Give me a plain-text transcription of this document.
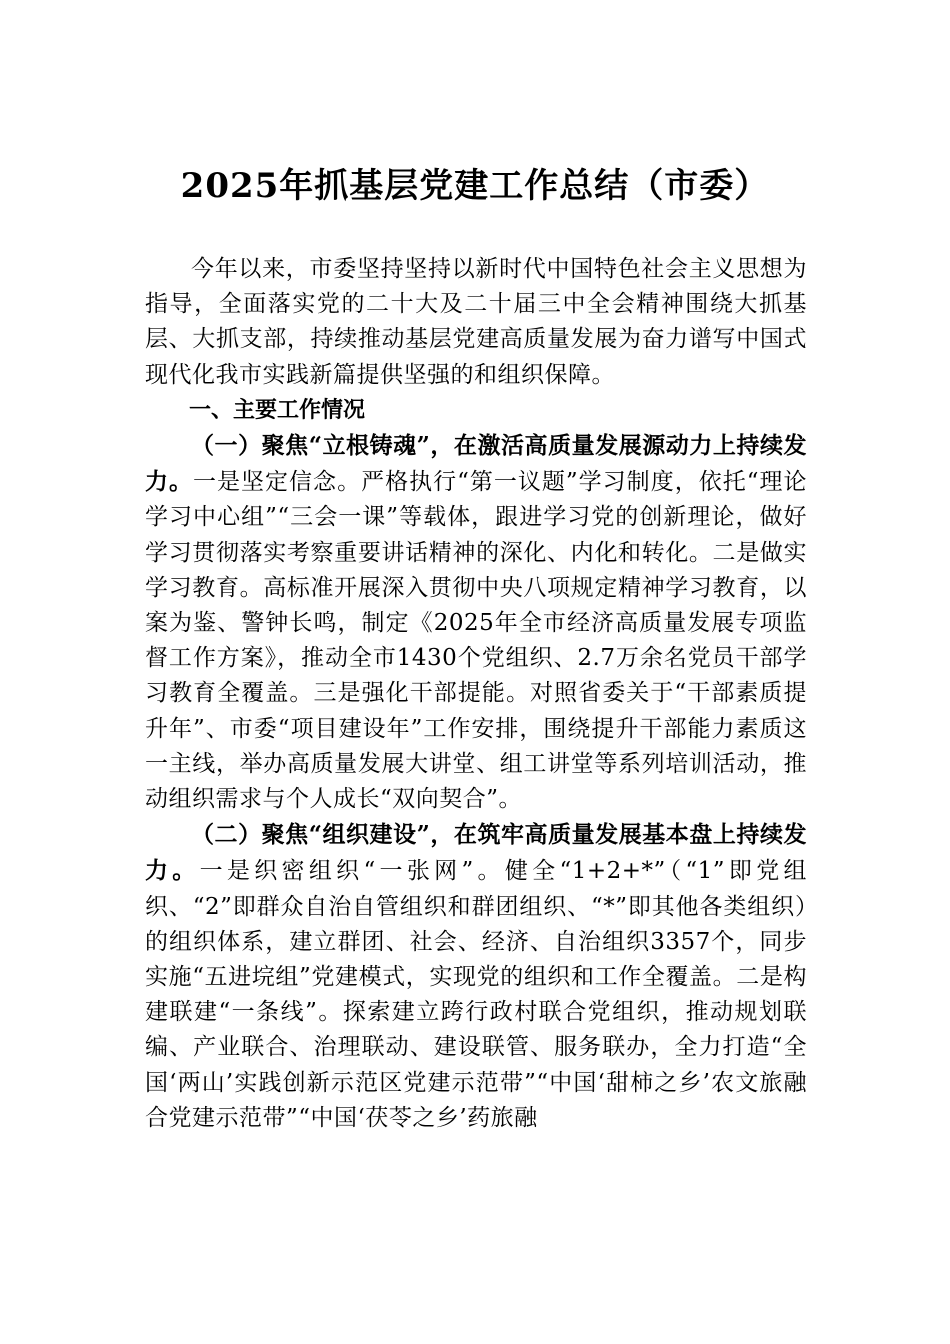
2025年抓基层党建工作总结（市委）

今年以来，市委坚持坚持以新时代中国特色社会主义思想为指导，全面落实党的二十大及二十届三中全会精神围绕大抓基层、大抓支部，持续推动基层党建高质量发展为奋力谱写中国式现代化我市实践新篇提供坚强的和组织保障。

一、主要工作情况

（一）聚焦“立根铸魂”，在激活高质量发展源动力上持续发力。一是坚定信念。严格执行“第一议题”学习制度，依托“理论学习中心组”“三会一课”等载体，跟进学习党的创新理论，做好学习贯彻落实考察重要讲话精神的深化、内化和转化。二是做实学习教育。高标准开展深入贯彻中央八项规定精神学习教育，以案为鉴、警钟长鸣，制定《2025年全市经济高质量发展专项监督工作方案》，推动全市1430个党组织、2.7万余名党员干部学习教育全覆盖。三是强化干部提能。对照省委关于“干部素质提升年”、市委“项目建设年”工作安排，围绕提升干部能力素质这一主线，举办高质量发展大讲堂、组工讲堂等系列培训活动，推动组织需求与个人成长“双向契合”。

（二）聚焦“组织建设”，在筑牢高质量发展基本盘上持续发力。一是织密组织“一张网”。健全“1+2+*”（“1”即党组织、“2”即群众自治自管组织和群团组织、“*”即其他各类组织）的组织体系，建立群团、社会、经济、自治组织3357个，同步实施“五进垸组”党建模式，实现党的组织和工作全覆盖。二是构建联建“一条线”。探索建立跨行政村联合党组织，推动规划联编、产业联合、治理联动、建设联管、服务联办，全力打造“全国‘两山’实践创新示范区党建示范带”“中国‘甜柿之乡’农文旅融合党建示范带”“中国‘茯苓之乡’药旅融
